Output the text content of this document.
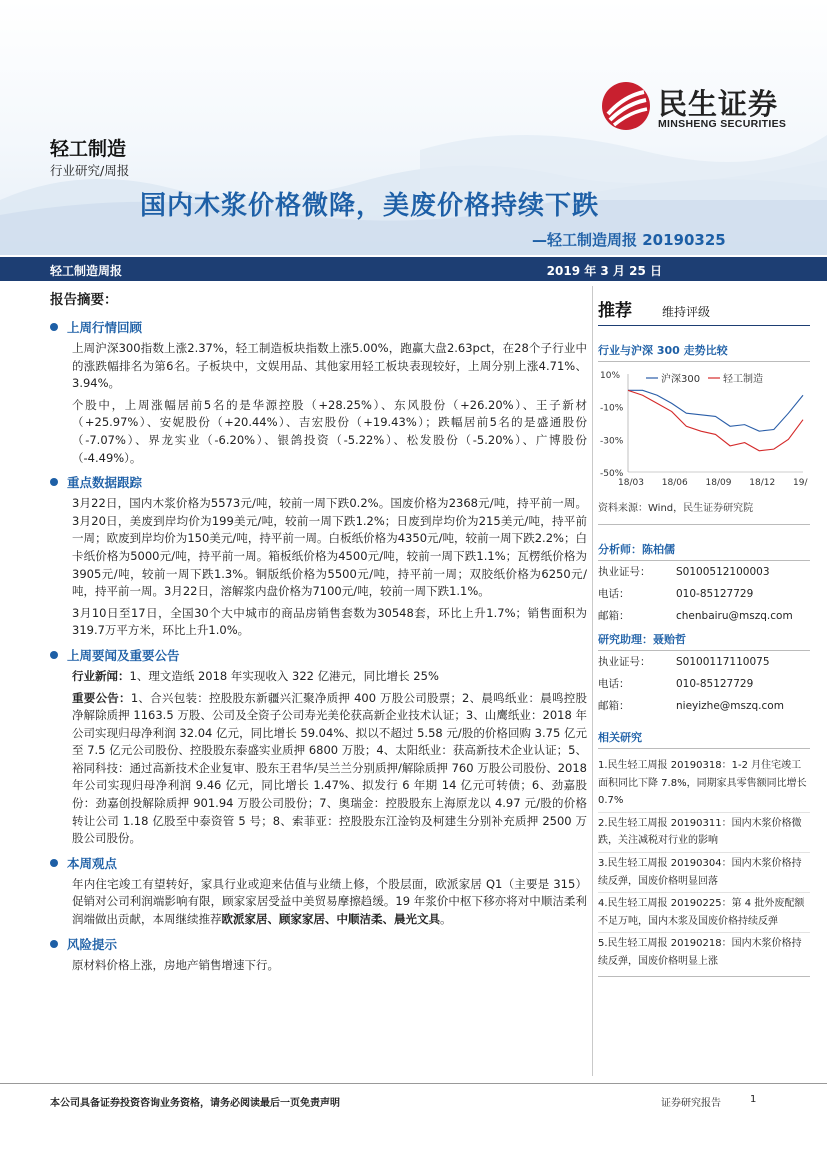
民生证券
MINSHENG SECURITIES
轻工制造
行业研究/周报
国内木浆价格微降，美废价格持续下跌
—轻工制造周报 20190325
轻工制造周报	2019 年 3 月 25 日
报告摘要：
上周行情回顾

上周沪深300指数上涨2.37%，轻工制造板块指数上涨5.00%，跑赢大盘2.63pct，在28个子行业中的涨跌幅排名为第6名。子板块中，文娱用品、其他家用轻工板块表现较好，上周分别上涨4.71%、3.94%。

个股中，上周涨幅居前5名的是华源控股（+28.25%）、东风股份（+26.20%）、王子新材（+25.97%）、安妮股份（+20.44%）、吉宏股份（+19.43%）；跌幅居前5名的是盛通股份（-7.07%）、界龙实业（-6.20%）、银鸽投资（-5.22%）、松发股份（-5.20%）、广博股份（-4.49%）。

重点数据跟踪

3月22日，国内木浆价格为5573元/吨，较前一周下跌0.2%。国废价格为2368元/吨，持平前一周。3月20日，美废到岸均价为199美元/吨，较前一周下跌1.2%；日废到岸均价为215美元/吨，持平前一周；欧废到岸均价为150美元/吨，持平前一周。白板纸价格为4350元/吨，较前一周下跌2.2%；白卡纸价格为5000元/吨，持平前一周。箱板纸价格为4500元/吨，较前一周下跌1.1%；瓦楞纸价格为3905元/吨，较前一周下跌1.3%。铜版纸价格为5500元/吨，持平前一周；双胶纸价格为6250元/吨，持平前一周。3月22日，溶解浆内盘价格为7100元/吨，较前一周下跌1.1%。

3月10日至17日，全国30个大中城市的商品房销售套数为30548套，环比上升1.7%；销售面积为319.7万平方米，环比上升1.0%。

上周要闻及重要公告

行业新闻：1、理文造纸 2018 年实现收入 322 亿港元，同比增长 25%

重要公告：1、合兴包装：控股股东新疆兴汇聚净质押 400 万股公司股票；2、晨鸣纸业：晨鸣控股净解除质押 1163.5 万股、公司及全资子公司寿光美伦获高新企业技术认证；3、山鹰纸业：2018 年公司实现归母净利润 32.04 亿元，同比增长 59.04%、拟以不超过 5.58 元/股的价格回购 3.75 亿元至 7.5 亿元公司股份、控股股东泰盛实业质押 6800 万股；4、太阳纸业：获高新技术企业认证；5、裕同科技：通过高新技术企业复审、股东王君华/吴兰兰分别质押/解除质押 760 万股公司股份、2018 年公司实现归母净利润 9.46 亿元，同比增长 1.47%、拟发行 6 年期 14 亿元可转债；6、劲嘉股份：劲嘉创投解除质押 901.94 万股公司股份；7、奥瑞金：控股股东上海原龙以 4.97 元/股的价格转让公司 1.18 亿股至中泰资管 5 号；8、索菲亚：控股股东江淦钧及柯建生分别补充质押 2500 万股公司股份。

本周观点

年内住宅竣工有望转好，家具行业或迎来估值与业绩上修，个股层面，欧派家居 Q1（主要是 315）促销对公司利润端影响有限，顾家家居受益中美贸易摩擦趋缓。19 年浆价中枢下移亦将对中顺洁柔利润端做出贡献，本周继续推荐欧派家居、顾家家居、中顺洁柔、晨光文具。

风险提示

原材料价格上涨，房地产销售增速下行。

推荐	维持评级
行业与沪深 300 走势比较
10%
-10%
-30%
-50%
18/03 18/06 18/09 18/12 19/
沪深300 轻工制造
资料来源：Wind，民生证券研究院
分析师：陈柏儒
执业证号：	S0100512100003
电话：	010-85127729
邮箱：	chenbairu@mszq.com
研究助理：聂贻哲
执业证号：	S0100117110075
电话：	010-85127729
邮箱：	nieyizhe@mszq.com
相关研究
1.民生轻工周报 20190318：1-2 月住宅竣工面积同比下降 7.8%，同期家具零售额同比增长 0.7%
2.民生轻工周报 20190311：国内木浆价格微跌，关注减税对行业的影响
3.民生轻工周报 20190304：国内木浆价格持续反弹，国废价格明显回落
4.民生轻工周报 20190225：第 4 批外废配额不足万吨，国内木浆及国废价格持续反弹
5.民生轻工周报 20190218：国内木浆价格持续反弹，国废价格明显上涨
本公司具备证券投资咨询业务资格，请务必阅读最后一页免责声明	证券研究报告	1
